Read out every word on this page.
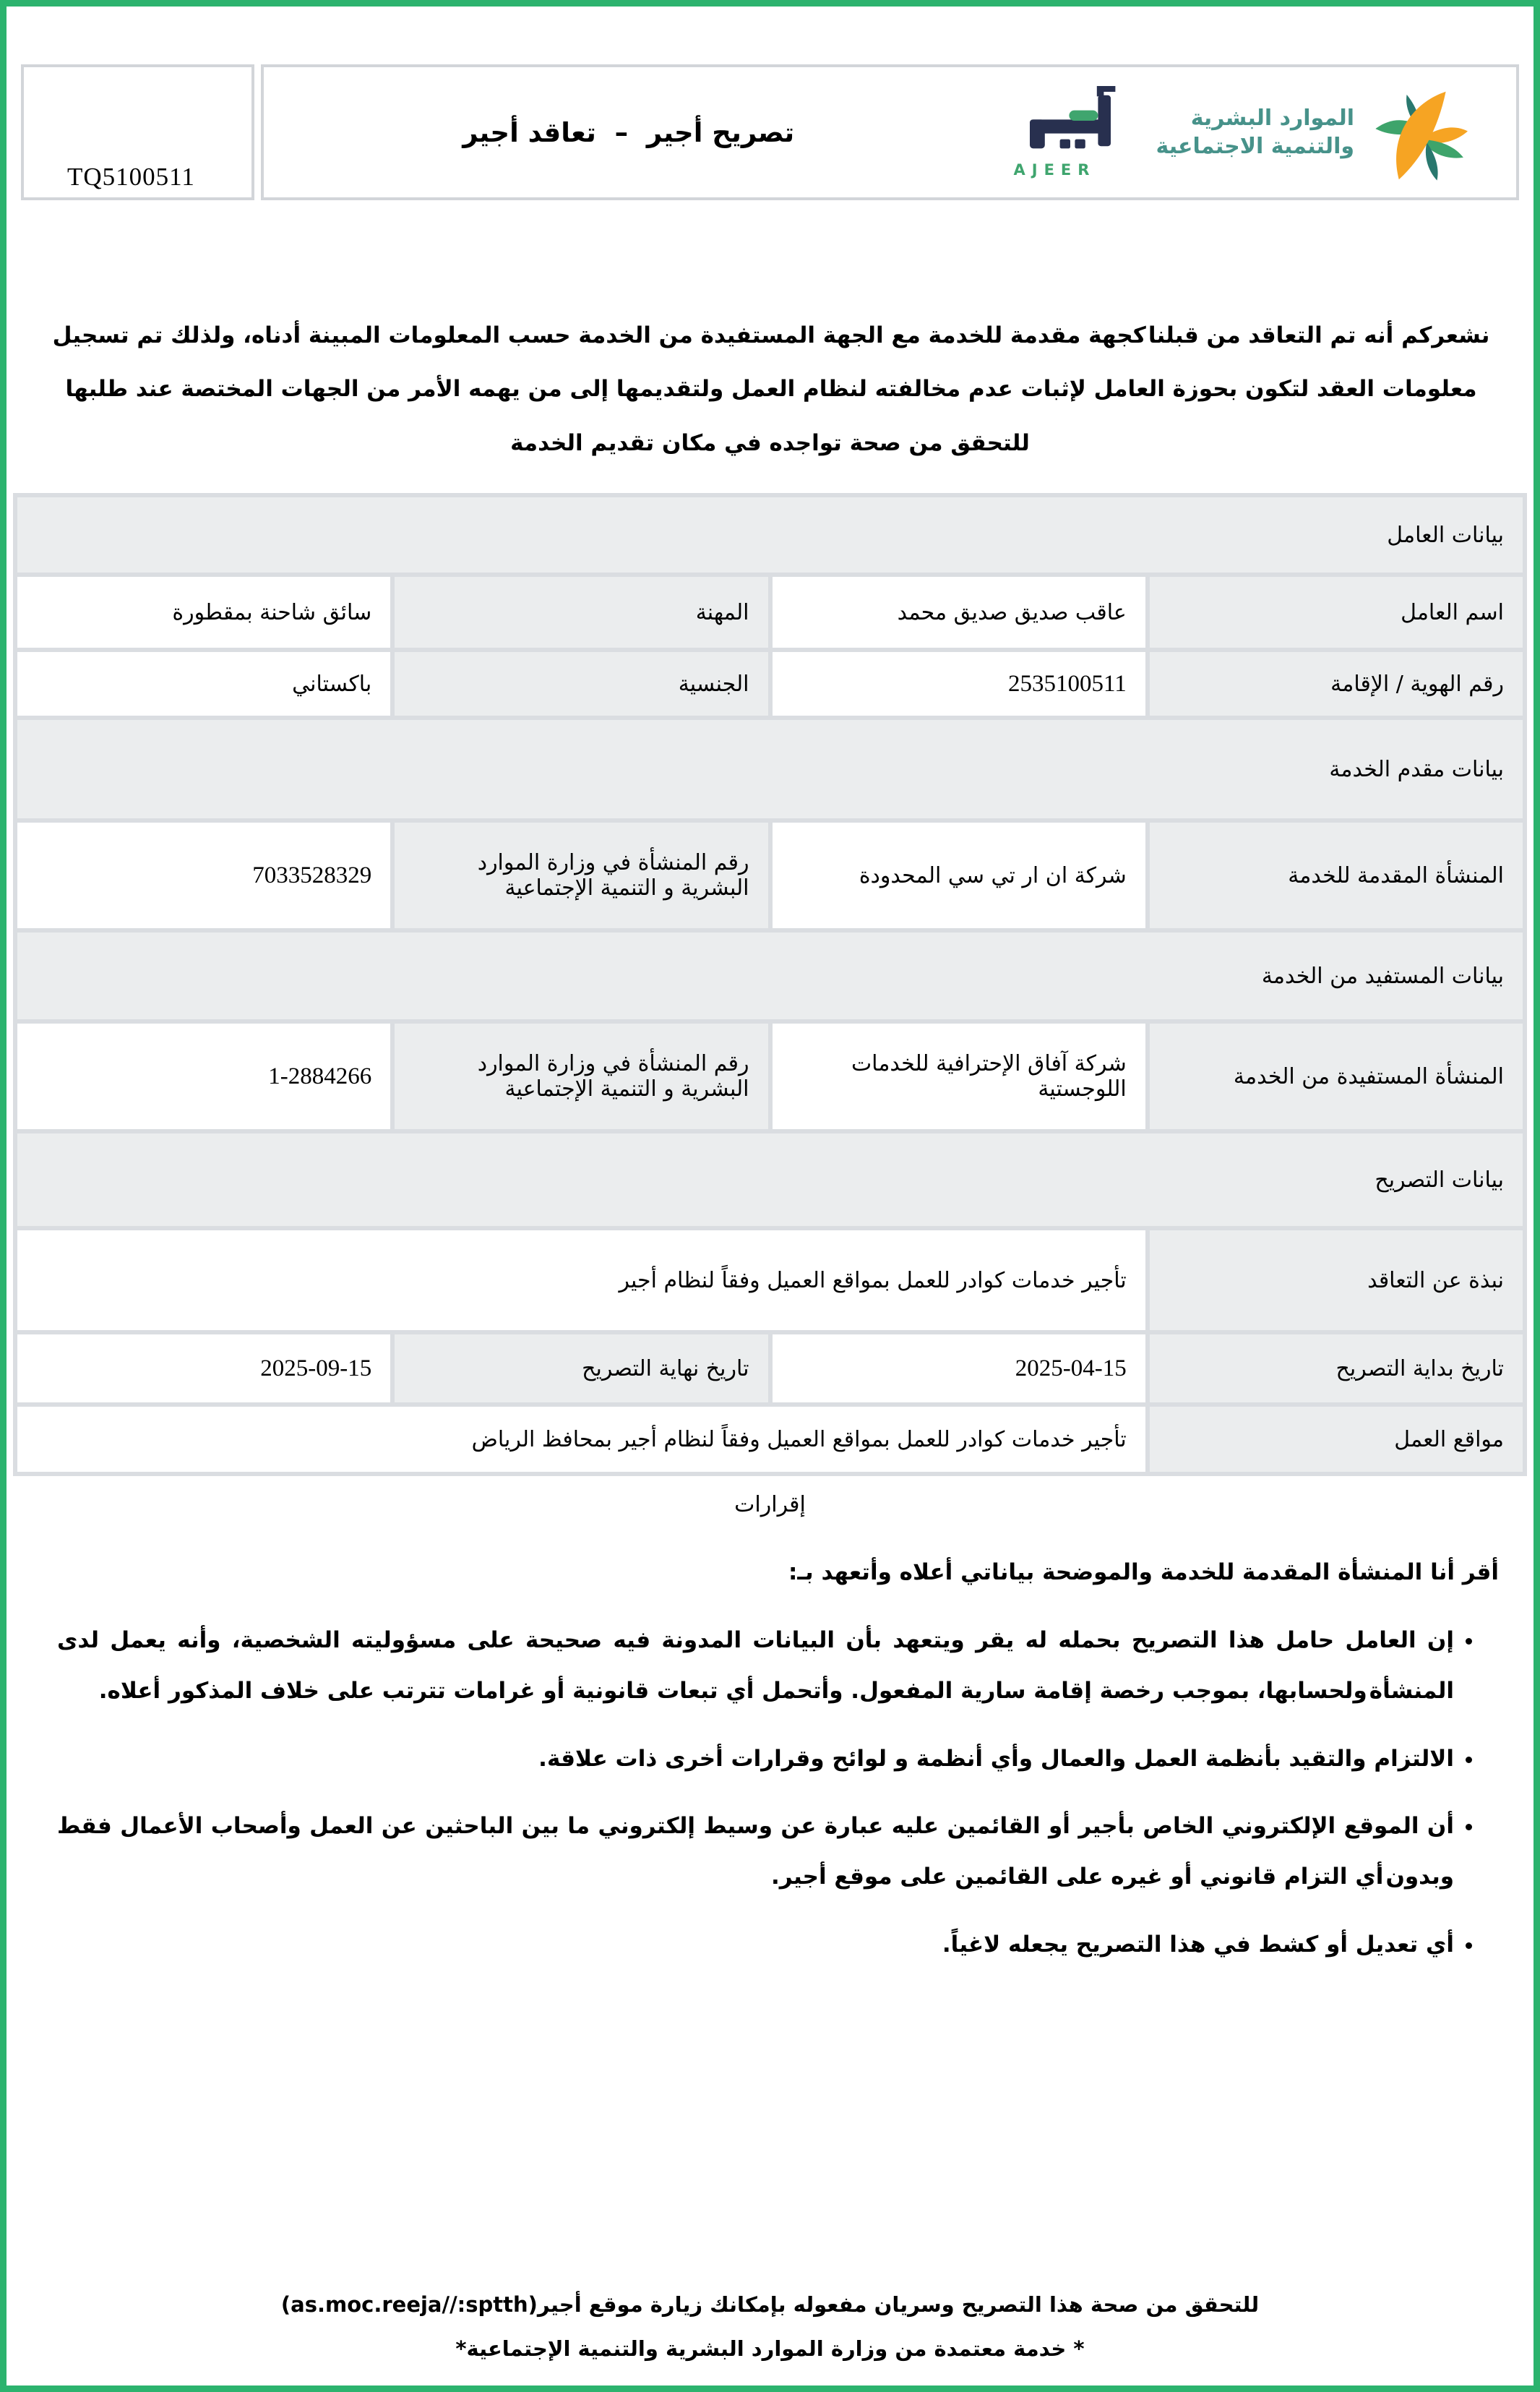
TQ5100511
تصريح أجير  –  تعاقد أجير
AJEER
الموارد البشرية
والتنمية الاجتماعية
نشعركم أنه تم التعاقد من قبلنا كجهة مقدمة للخدمة مع الجهة المستفيدة من الخدمة حسب المعلومات المبينة أدناه، ولذلك تم تسجيل معلومات العقد لتكون بحوزة العامل لإثبات عدم مخالفته لنظام العمل ولتقديمها إلى من يهمه الأمر من الجهات المختصة عند طلبها للتحقق من صحة تواجده في مكان تقديم الخدمة
بيانات العامل			
اسم العامل	عاقب صديق صديق محمد	المهنة	سائق شاحنة بمقطورة
رقم الهوية / الإقامة	2535100511	الجنسية	باكستاني
بيانات مقدم الخدمة			
المنشأة المقدمة للخدمة	شركة ان ار تي سي المحدودة	رقم المنشأة في وزارة الموارد البشرية و التنمية الإجتماعية	7033528329
بيانات المستفيد من الخدمة			
المنشأة المستفيدة من الخدمة	شركة آفاق الإحترافية للخدمات اللوجستية	رقم المنشأة في وزارة الموارد البشرية و التنمية الإجتماعية	1-2884266
بيانات التصريح			
نبذة عن التعاقد	تأجير خدمات كوادر للعمل بمواقع العميل وفقاً لنظام أجير		
تاريخ بداية التصريح	2025-04-15	تاريخ نهاية التصريح	2025-09-15
مواقع العمل	تأجير خدمات كوادر للعمل بمواقع العميل وفقاً لنظام أجير بمحافظ الرياض		
إقرارات
أقر أنا المنشأة المقدمة للخدمة والموضحة بياناتي أعلاه وأتعهد بـ:
• إن العامل حامل هذا التصريح بحمله له يقر ويتعهد بأن البيانات المدونة فيه صحيحة على مسؤوليته الشخصية، وأنه يعمل لدى المنشأة ولحسابها، بموجب رخصة إقامة سارية المفعول. وأتحمل أي تبعات قانونية أو غرامات تترتب على خلاف المذكور أعلاه.
• الالتزام والتقيد بأنظمة العمل والعمال وأي أنظمة و لوائح وقرارات أخرى ذات علاقة.
• أن الموقع الإلكتروني الخاص بأجير أو القائمين عليه عبارة عن وسيط إلكتروني ما بين الباحثين عن العمل وأصحاب الأعمال فقط وبدون أي التزام قانوني أو غيره على القائمين على موقع أجير.
• أي تعديل أو كشط في هذا التصريح يجعله لاغياً.
للتحقق من صحة هذا التصريح وسريان مفعوله بإمكانك زيارة موقع أجير(as.moc.reeja//:sptth)
* خدمة معتمدة من وزارة الموارد البشرية والتنمية الإجتماعية*
